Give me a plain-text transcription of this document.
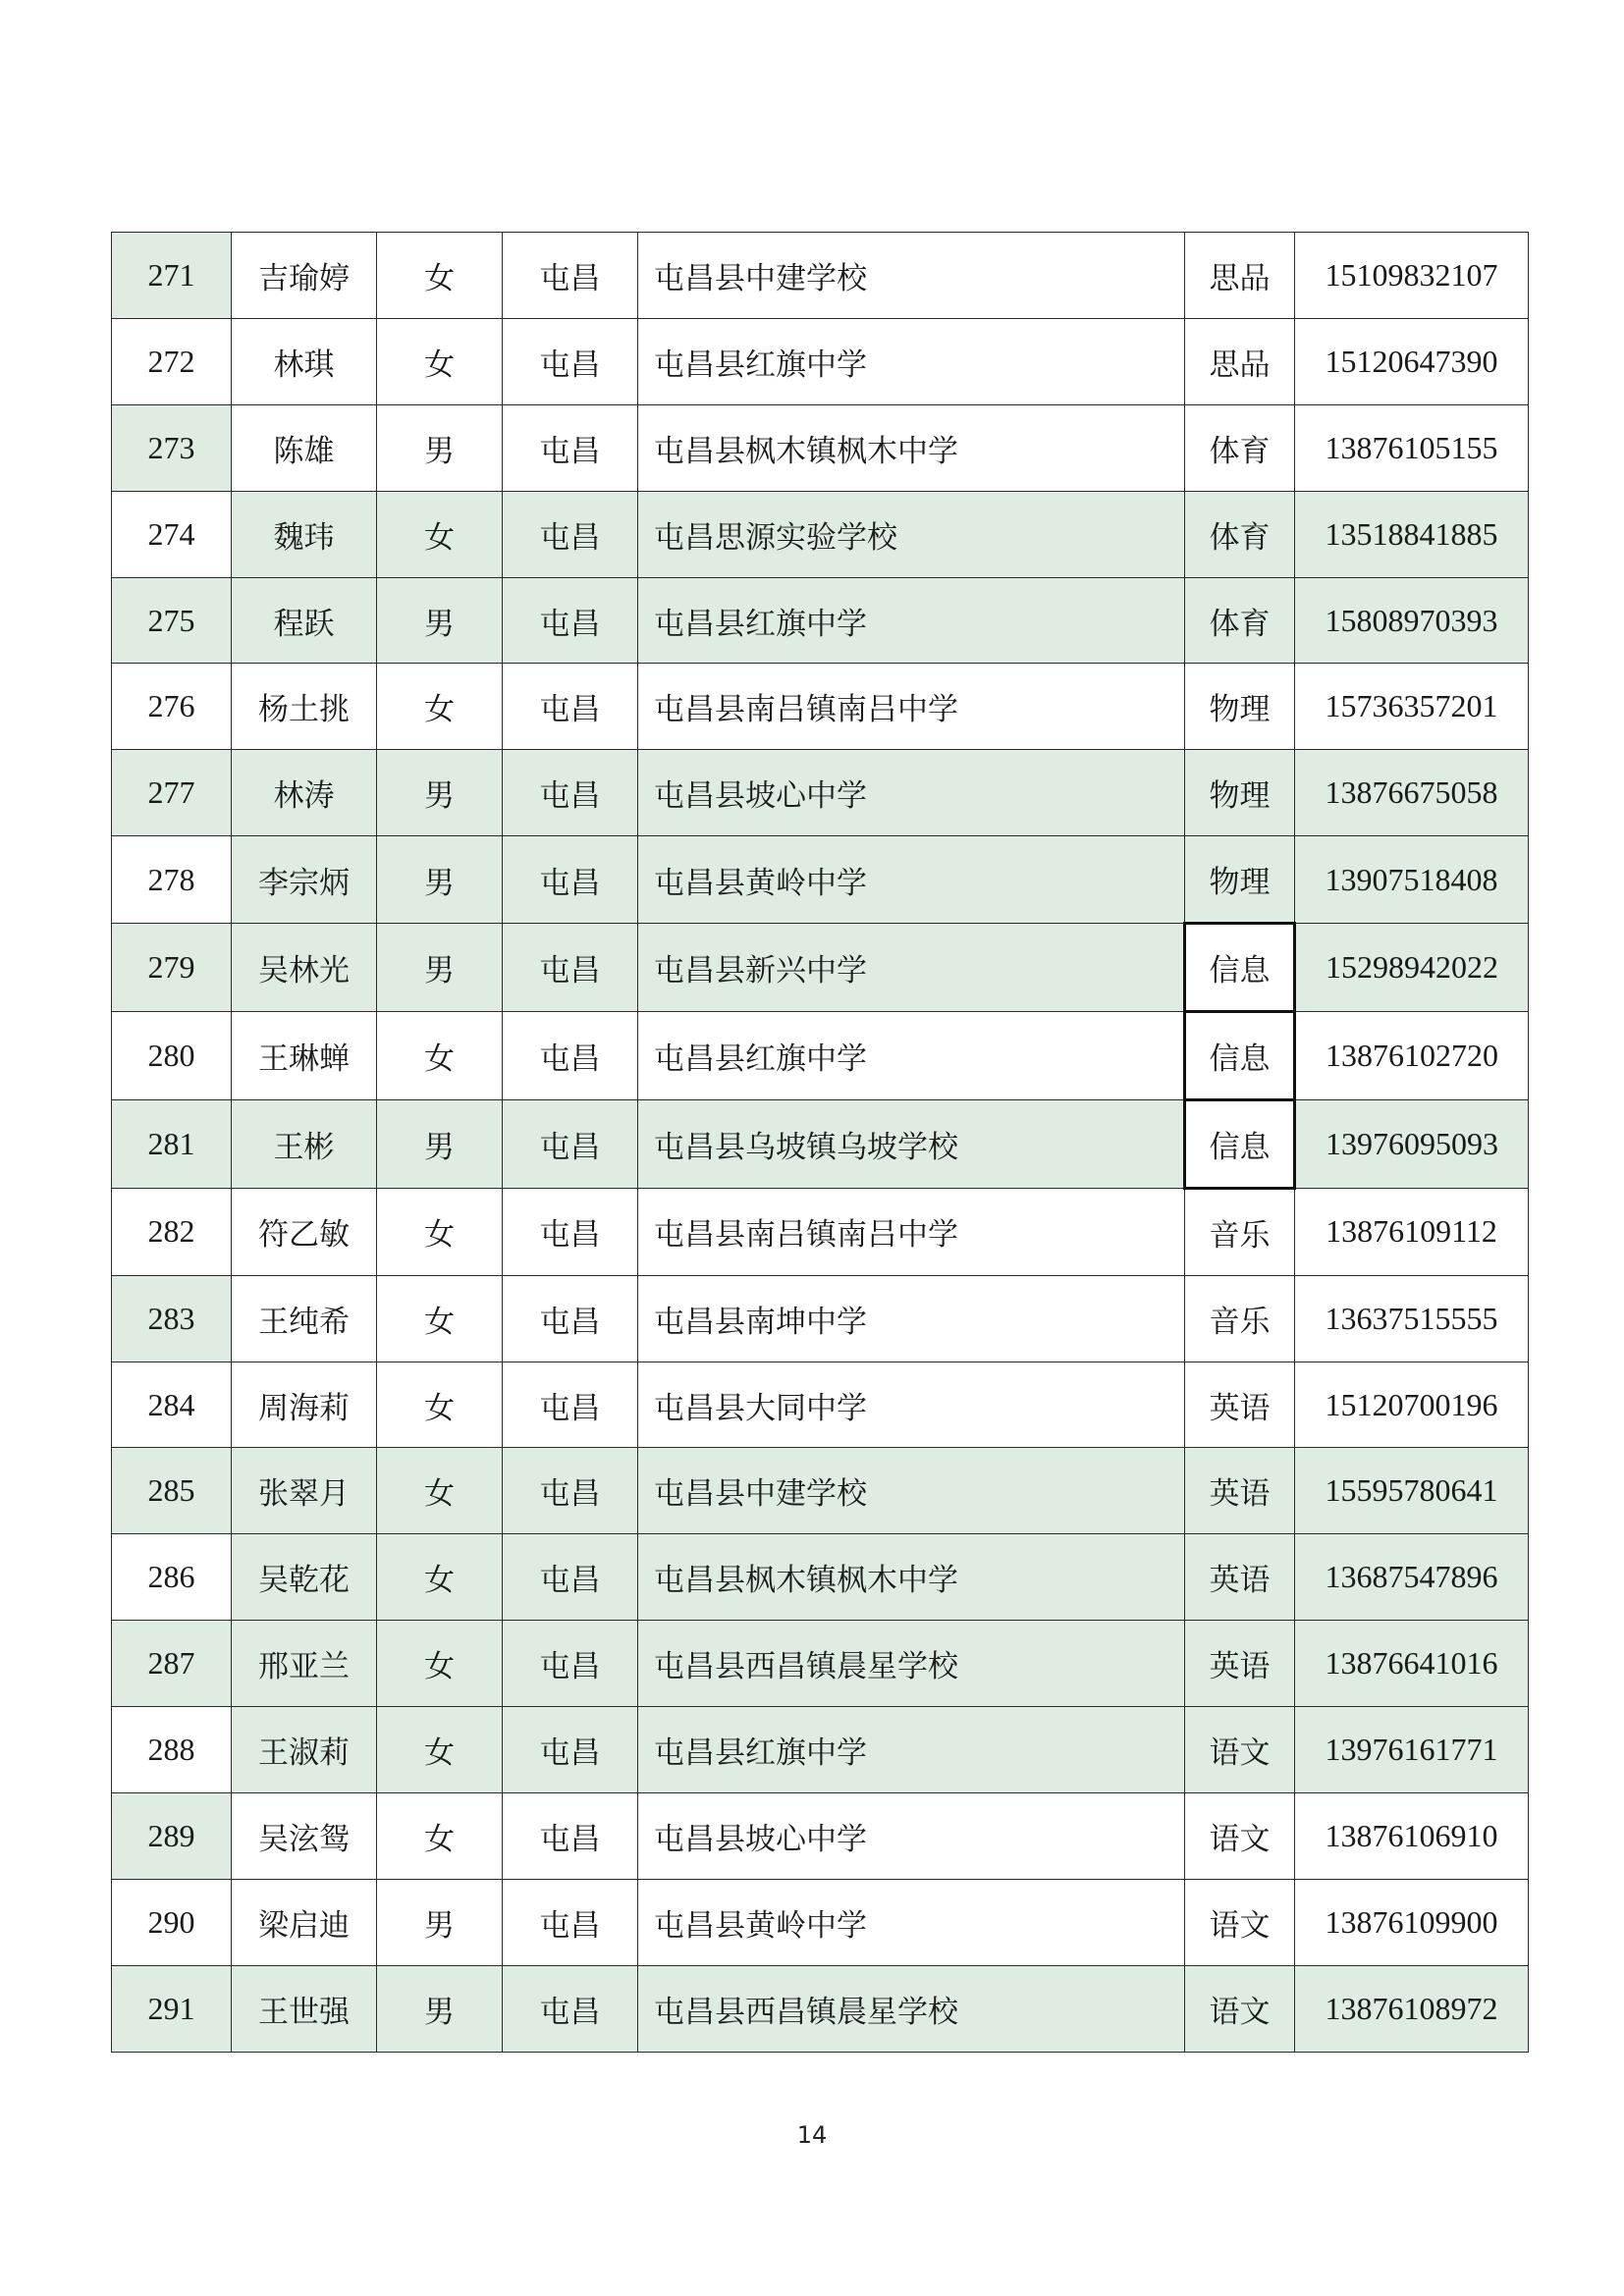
271	吉瑜婷	女	屯昌	屯昌县中建学校	思品	15109832107
272	林琪	女	屯昌	屯昌县红旗中学	思品	15120647390
273	陈雄	男	屯昌	屯昌县枫木镇枫木中学	体育	13876105155
274	魏玮	女	屯昌	屯昌思源实验学校	体育	13518841885
275	程跃	男	屯昌	屯昌县红旗中学	体育	15808970393
276	杨土挑	女	屯昌	屯昌县南吕镇南吕中学	物理	15736357201
277	林涛	男	屯昌	屯昌县坡心中学	物理	13876675058
278	李宗炳	男	屯昌	屯昌县黄岭中学	物理	13907518408
279	吴林光	男	屯昌	屯昌县新兴中学	信息	15298942022
280	王琳蝉	女	屯昌	屯昌县红旗中学	信息	13876102720
281	王彬	男	屯昌	屯昌县乌坡镇乌坡学校	信息	13976095093
282	符乙敏	女	屯昌	屯昌县南吕镇南吕中学	音乐	13876109112
283	王纯希	女	屯昌	屯昌县南坤中学	音乐	13637515555
284	周海莉	女	屯昌	屯昌县大同中学	英语	15120700196
285	张翠月	女	屯昌	屯昌县中建学校	英语	15595780641
286	吴乾花	女	屯昌	屯昌县枫木镇枫木中学	英语	13687547896
287	邢亚兰	女	屯昌	屯昌县西昌镇晨星学校	英语	13876641016
288	王淑莉	女	屯昌	屯昌县红旗中学	语文	13976161771
289	吴泫鸳	女	屯昌	屯昌县坡心中学	语文	13876106910
290	梁启迪	男	屯昌	屯昌县黄岭中学	语文	13876109900
291	王世强	男	屯昌	屯昌县西昌镇晨星学校	语文	13876108972
14
